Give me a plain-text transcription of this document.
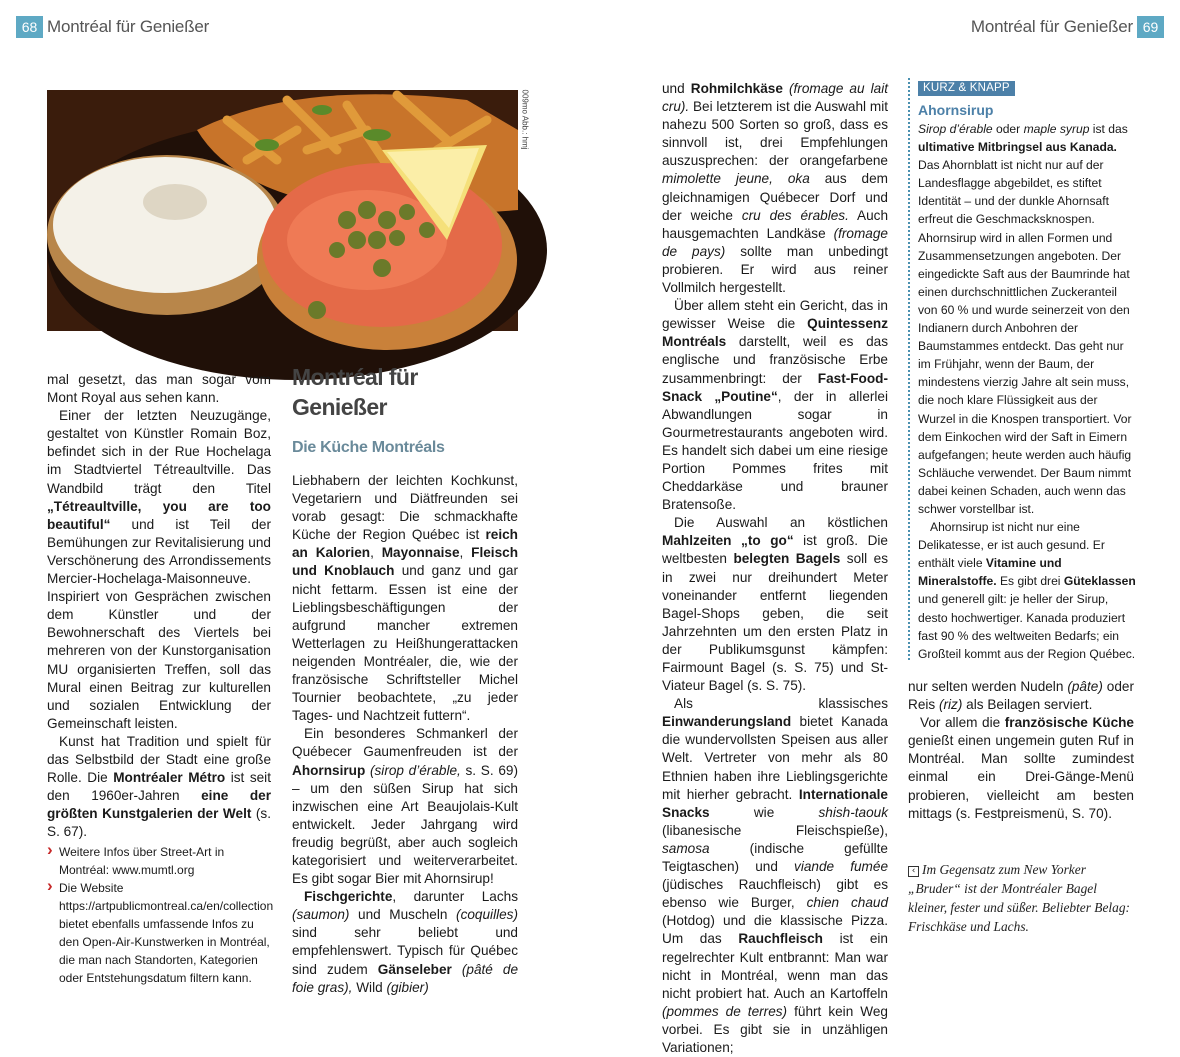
68 Montréal für Genießer	Montréal für Genießer 69
009mo Abb.: hmj

mal gesetzt, das man sogar vom Mont Royal aus sehen kann.

Einer der letzten Neuzugänge, gestaltet von Künstler Romain Boz, befindet sich in der Rue Hochelaga im Stadtviertel Tétreaultville. Das Wandbild trägt den Titel „Tétreaultville, you are too beautiful“ und ist Teil der Bemühungen zur Revitalisierung und Verschönerung des Arrondissements Mercier-Hochelaga-Maisonneuve. Inspiriert von Gesprächen zwischen dem Künstler und der Bewohnerschaft des Viertels bei mehreren von der Kunstorganisation MU organisierten Treffen, soll das Mural einen Beitrag zur kulturellen und sozialen Entwicklung der Gemeinschaft leisten.

Kunst hat Tradition und spielt für das Selbstbild der Stadt eine große Rolle. Die Montréaler Métro ist seit den 1960er-Jahren eine der größten Kunstgalerien der Welt (s. S. 67).

› Weitere Infos über Street-Art in Montréal: www.mumtl.org
› Die Website https://artpublicmontreal.ca/en/collection bietet ebenfalls umfassende Infos zu den Open-Air-Kunstwerken in Montréal, die man nach Standorten, Kategorien oder Entstehungsdatum filtern kann.
Montréal für Genießer
Die Küche Montréals

Liebhabern der leichten Kochkunst, Vegetariern und Diätfreunden sei vorab gesagt: Die schmackhafte Küche der Region Québec ist reich an Kalorien, Mayonnaise, Fleisch und Knoblauch und ganz und gar nicht fettarm. Essen ist eine der Lieblingsbeschäftigungen der aufgrund mancher extremen Wetterlagen zu Heißhungerattacken neigenden Montréaler, die, wie der französische Schriftsteller Michel Tournier beobachtete, „zu jeder Tages- und Nachtzeit futtern“.

Ein besonderes Schmankerl der Québecer Gaumenfreuden ist der Ahornsirup (sirop d’érable, s. S. 69) – um den süßen Sirup hat sich inzwischen eine Art Beaujolais-Kult entwickelt. Jeder Jahrgang wird freudig begrüßt, aber auch sogleich kategorisiert und weiterverarbeitet. Es gibt sogar Bier mit Ahornsirup!

Fischgerichte, darunter Lachs (saumon) und Muscheln (coquilles) sind sehr beliebt und empfehlenswert. Typisch für Québec sind zudem Gänseleber (pâté de foie gras), Wild (gibier)

und Rohmilchkäse (fromage au lait cru). Bei letzterem ist die Auswahl mit nahezu 500 Sorten so groß, dass es sinnvoll ist, drei Empfehlungen auszusprechen: der orangefarbene mimolette jeune, oka aus dem gleichnamigen Québecer Dorf und der weiche cru des érables. Auch hausgemachten Landkäse (fromage de pays) sollte man unbedingt probieren. Er wird aus reiner Vollmilch hergestellt.

Über allem steht ein Gericht, das in gewisser Weise die Quintessenz Montréals darstellt, weil es das englische und französische Erbe zusammenbringt: der Fast-Food-Snack „Poutine“, der in allerlei Abwandlungen sogar in Gourmetrestaurants angeboten wird. Es handelt sich dabei um eine riesige Portion Pommes frites mit Cheddarkäse und brauner Bratensoße.

Die Auswahl an köstlichen Mahlzeiten „to go“ ist groß. Die weltbesten belegten Bagels soll es in zwei nur dreihundert Meter voneinander entfernt liegenden Bagel-Shops geben, die seit Jahrzehnten um den ersten Platz in der Publikumsgunst kämpfen: Fairmount Bagel (s. S. 75) und St-Viateur Bagel (s. S. 75).

Als klassisches Einwanderungsland bietet Kanada die wundervollsten Speisen aus aller Welt. Vertreter von mehr als 80 Ethnien haben ihre Lieblingsgerichte mit hierher gebracht. Internationale Snacks wie shish-taouk (libanesische Fleischspieße), samosa (indische gefüllte Teigtaschen) und viande fumée (jüdisches Rauchfleisch) gibt es ebenso wie Burger, chien chaud (Hotdog) und die klassische Pizza. Um das Rauchfleisch ist ein regelrechter Kult entbrannt: Man war nicht in Montréal, wenn man das nicht probiert hat. Auch an Kartoffeln (pommes de terres) führt kein Weg vorbei. Es gibt sie in unzähligen Variationen;

KURZ & KNAPP
Ahornsirup

Sirop d’érable oder maple syrup ist das ultimative Mitbringsel aus Kanada. Das Ahornblatt ist nicht nur auf der Landesflagge abgebildet, es stiftet Identität – und der dunkle Ahornsaft erfreut die Geschmacksknospen. Ahornsirup wird in allen Formen und Zusammensetzungen angeboten. Der eingedickte Saft aus der Baumrinde hat einen durchschnittlichen Zuckeranteil von 60 % und wurde seinerzeit von den Indianern durch Anbohren der Baumstammes entdeckt. Das geht nur im Frühjahr, wenn der Baum, der mindestens vierzig Jahre alt sein muss, die noch klare Flüssigkeit aus der Wurzel in die Knospen transportiert. Vor dem Einkochen wird der Saft in Eimern aufgefangen; heute werden auch häufig Schläuche verwendet. Der Baum nimmt dabei keinen Schaden, auch wenn das schwer vorstellbar ist.

Ahornsirup ist nicht nur eine Delikatesse, er ist auch gesund. Er enthält viele Vitamine und Mineralstoffe. Es gibt drei Güteklassen und generell gilt: je heller der Sirup, desto hochwertiger. Kanada produziert fast 90 % des weltweiten Bedarfs; ein Großteil kommt aus der Region Québec.

nur selten werden Nudeln (pâte) oder Reis (riz) als Beilagen serviert.

Vor allem die französische Küche genießt einen ungemein guten Ruf in Montréal. Man sollte zumindest einmal ein Drei-Gänge-Menü probieren, vielleicht am besten mittags (s. Festpreismenü, S. 70).

‹ Im Gegensatz zum New Yorker „Bruder“ ist der Montréaler Bagel kleiner, fester und süßer. Beliebter Belag: Frischkäse und Lachs.
